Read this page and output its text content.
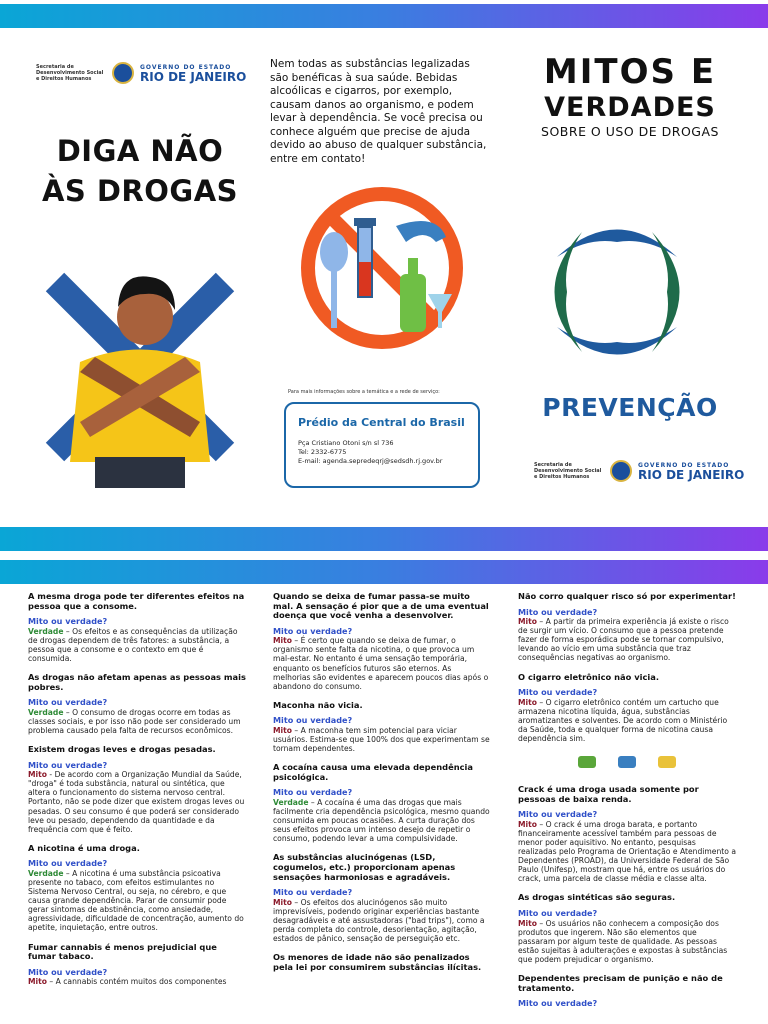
Secretaria de Desenvolvimento Social e Direitos Humanos
GOVERNO DO ESTADO
RIO DE JANEIRO
DIGA NÃO
ÀS DROGAS
Nem todas as substâncias legalizadas são benéficas à sua saúde. Bebidas alcoólicas e cigarros, por exemplo, causam danos ao organismo, e podem levar à dependência. Se você precisa ou conhece alguém que precise de ajuda devido ao abuso de qualquer substância, entre em contato!
Para mais informações sobre a temática e a rede de serviço:
Prédio da Central do Brasil
Pça Cristiano Otoni s/n sl 736
Tel: 2332-6775
E-mail: agenda.sepredeqrj@sedsdh.rj.gov.br
MITOS E
VERDADES
SOBRE O USO DE DROGAS
PREVENÇÃO
Secretaria de Desenvolvimento Social e Direitos Humanos
GOVERNO DO ESTADO
RIO DE JANEIRO
A mesma droga pode ter diferentes efeitos na pessoa que a consome.
Mito ou verdade?
Verdade – Os efeitos e as consequências da utilização de drogas dependem de três fatores: a substância, a pessoa que a consome e o contexto em que é consumida.
As drogas não afetam apenas as pessoas mais pobres.
Mito ou verdade?
Verdade – O consumo de drogas ocorre em todas as classes sociais, e por isso não pode ser considerado um problema causado pela falta de recursos econômicos.
Existem drogas leves e drogas pesadas.
Mito ou verdade?
Mito - De acordo com a Organização Mundial da Saúde, "droga" é toda substância, natural ou sintética, que altera o funcionamento do sistema nervoso central. Portanto, não se pode dizer que existem drogas leves ou pesadas. O seu consumo é que poderá ser considerado leve ou pesado, dependendo da quantidade e da frequência com que é feito.
A nicotina é uma droga.
Mito ou verdade?
Verdade – A nicotina é uma substância psicoativa presente no tabaco, com efeitos estimulantes no Sistema Nervoso Central, ou seja, no cérebro, e que causa grande dependência. Parar de consumir pode gerar sintomas de abstinência, como ansiedade, agressividade, dificuldade de concentração, aumento do apetite, inquietação, entre outros.
Fumar cannabis é menos prejudicial que fumar tabaco.
Mito ou verdade?
Mito – A cannabis contém muitos dos componentes
Quando se deixa de fumar passa-se muito mal. A sensação é pior que a de uma eventual doença que você venha a desenvolver.
Mito ou verdade?
Mito – É certo que quando se deixa de fumar, o organismo sente falta da nicotina, o que provoca um mal-estar. No entanto é uma sensação temporária, enquanto os benefícios futuros são eternos. As melhorias são evidentes e aparecem poucos dias após o abandono do consumo.
Maconha não vicia.
Mito ou verdade?
Mito – A maconha tem sim potencial para viciar usuários. Estima-se que 100% dos que experimentam se tornam dependentes.
A cocaína causa uma elevada dependência psicológica.
Mito ou verdade?
Verdade – A cocaína é uma das drogas que mais facilmente cria dependência psicológica, mesmo quando consumida em poucas ocasiões. A curta duração dos seus efeitos provoca um intenso desejo de repetir o consumo, podendo levar a uma compulsividade.
As substâncias alucinógenas (LSD, cogumelos, etc.) proporcionam apenas sensações harmoniosas e agradáveis.
Mito ou verdade?
Mito – Os efeitos dos alucinógenos são muito imprevisíveis, podendo originar experiências bastante desagradáveis e até assustadoras ("bad trips"), como a perda completa do controle, desorientação, agitação, estados de pânico, sensação de perseguição etc.
Os menores de idade não são penalizados pela lei por consumirem substâncias ilícitas.
Não corro qualquer risco só por experimentar!
Mito ou verdade?
Mito – A partir da primeira experiência já existe o risco de surgir um vício. O consumo que a pessoa pretende fazer de forma esporádica pode se tornar compulsivo, levando ao vício em uma substância que traz consequências negativas ao organismo.
O cigarro eletrônico não vicia.
Mito ou verdade?
Mito – O cigarro eletrônico contém um cartucho que armazena nicotina líquida, água, substâncias aromatizantes e solventes. De acordo com o Ministério da Saúde, toda e qualquer forma de nicotina causa dependência sim.
Crack é uma droga usada somente por pessoas de baixa renda.
Mito ou verdade?
Mito – O crack é uma droga barata, e portanto financeiramente acessível também para pessoas de menor poder aquisitivo. No entanto, pesquisas realizadas pelo Programa de Orientação e Atendimento a Dependentes (PROAD), da Universidade Federal de São Paulo (Unifesp), mostram que há, entre os usuários do crack, uma parcela de classe média e classe alta.
As drogas sintéticas são seguras.
Mito ou verdade?
Mito – Os usuários não conhecem a composição dos produtos que ingerem. Não são elementos que passaram por algum teste de qualidade. As pessoas estão sujeitas à adulterações e expostas à substâncias que podem prejudicar o organismo.
Dependentes precisam de punição e não de tratamento.
Mito ou verdade?
